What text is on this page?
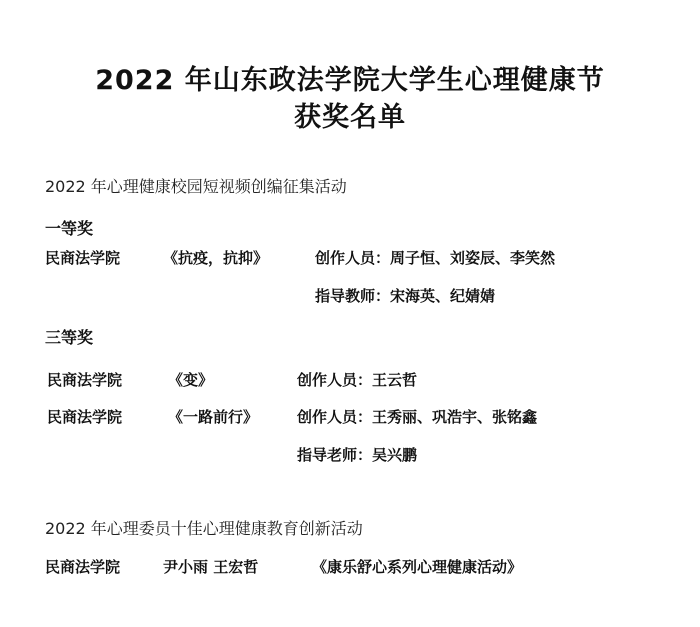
2022 年山东政法学院大学生心理健康节
获奖名单
2022 年心理健康校园短视频创编征集活动
一等奖
民商法学院	《抗疫，抗抑》	创作人员：周子恒、刘姿辰、李笑然
指导教师：宋海英、纪婧婧
三等奖
民商法学院	《变》	创作人员：王云哲
民商法学院	《一路前行》	创作人员：王秀丽、巩浩宇、张铭鑫
指导老师：吴兴鹏
2022 年心理委员十佳心理健康教育创新活动
民商法学院	尹小雨 王宏哲	《康乐舒心系列心理健康活动》
